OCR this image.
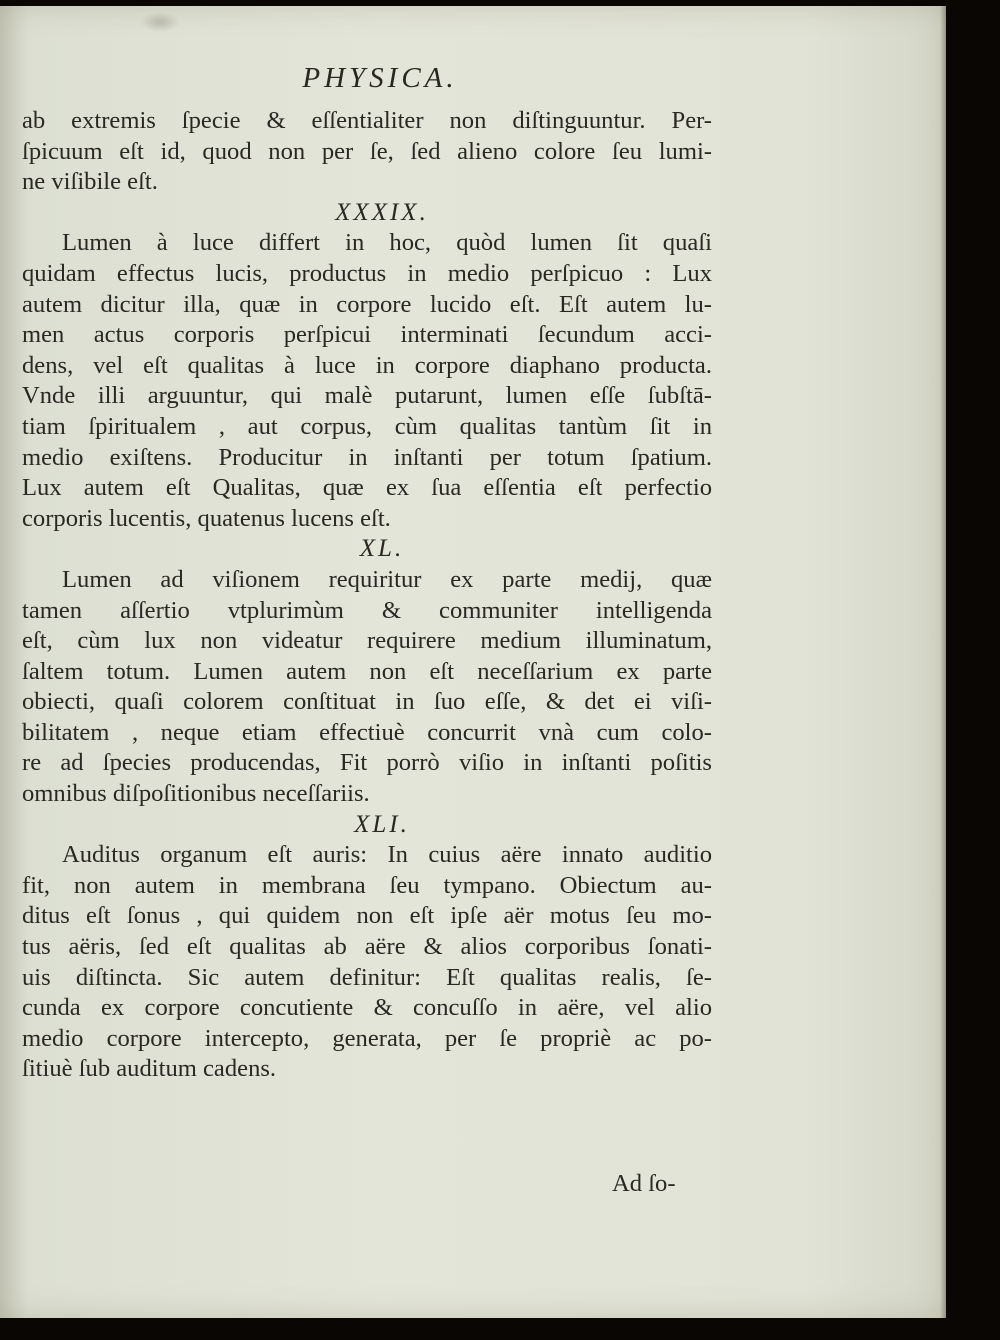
PHYSICA.
ab extremis ſpecie & eſſentialiter non diſtinguuntur. Per-
ſpicuum eſt id, quod non per ſe, ſed alieno colore ſeu lumi-
ne viſibile eſt.
XXXIX.
Lumen à luce differt in hoc, quòd lumen ſit quaſi
quidam effectus lucis, productus in medio perſpicuo : Lux
autem dicitur illa, quæ in corpore lucido eſt. Eſt autem lu-
men actus corporis perſpicui interminati ſecundum acci-
dens, vel eſt qualitas à luce in corpore diaphano producta.
Vnde illi arguuntur, qui malè putarunt, lumen eſſe ſubſtā-
tiam ſpiritualem , aut corpus, cùm qualitas tantùm ſit in
medio exiſtens. Producitur in inſtanti per totum ſpatium.
Lux autem eſt Qualitas, quæ ex ſua eſſentia eſt perfectio
corporis lucentis, quatenus lucens eſt.
XL.
Lumen ad viſionem requiritur ex parte medij, quæ
tamen aſſertio vtplurimùm & communiter intelligenda
eſt, cùm lux non videatur requirere medium illuminatum,
ſaltem totum. Lumen autem non eſt neceſſarium ex parte
obiecti, quaſi colorem conſtituat in ſuo eſſe, & det ei viſi-
bilitatem , neque etiam effectiuè concurrit vnà cum colo-
re ad ſpecies producendas, Fit porrò viſio in inſtanti poſitis
omnibus diſpoſitionibus neceſſariis.
XLI.
Auditus organum eſt auris: In cuius aëre innato auditio
fit, non autem in membrana ſeu tympano. Obiectum au-
ditus eſt ſonus , qui quidem non eſt ipſe aër motus ſeu mo-
tus aëris, ſed eſt qualitas ab aëre & alios corporibus ſonati-
uis diſtincta. Sic autem definitur: Eſt qualitas realis, ſe-
cunda ex corpore concutiente & concuſſo in aëre, vel alio
medio corpore intercepto, generata, per ſe propriè ac po-
ſitiuè ſub auditum cadens.
Ad ſo-
